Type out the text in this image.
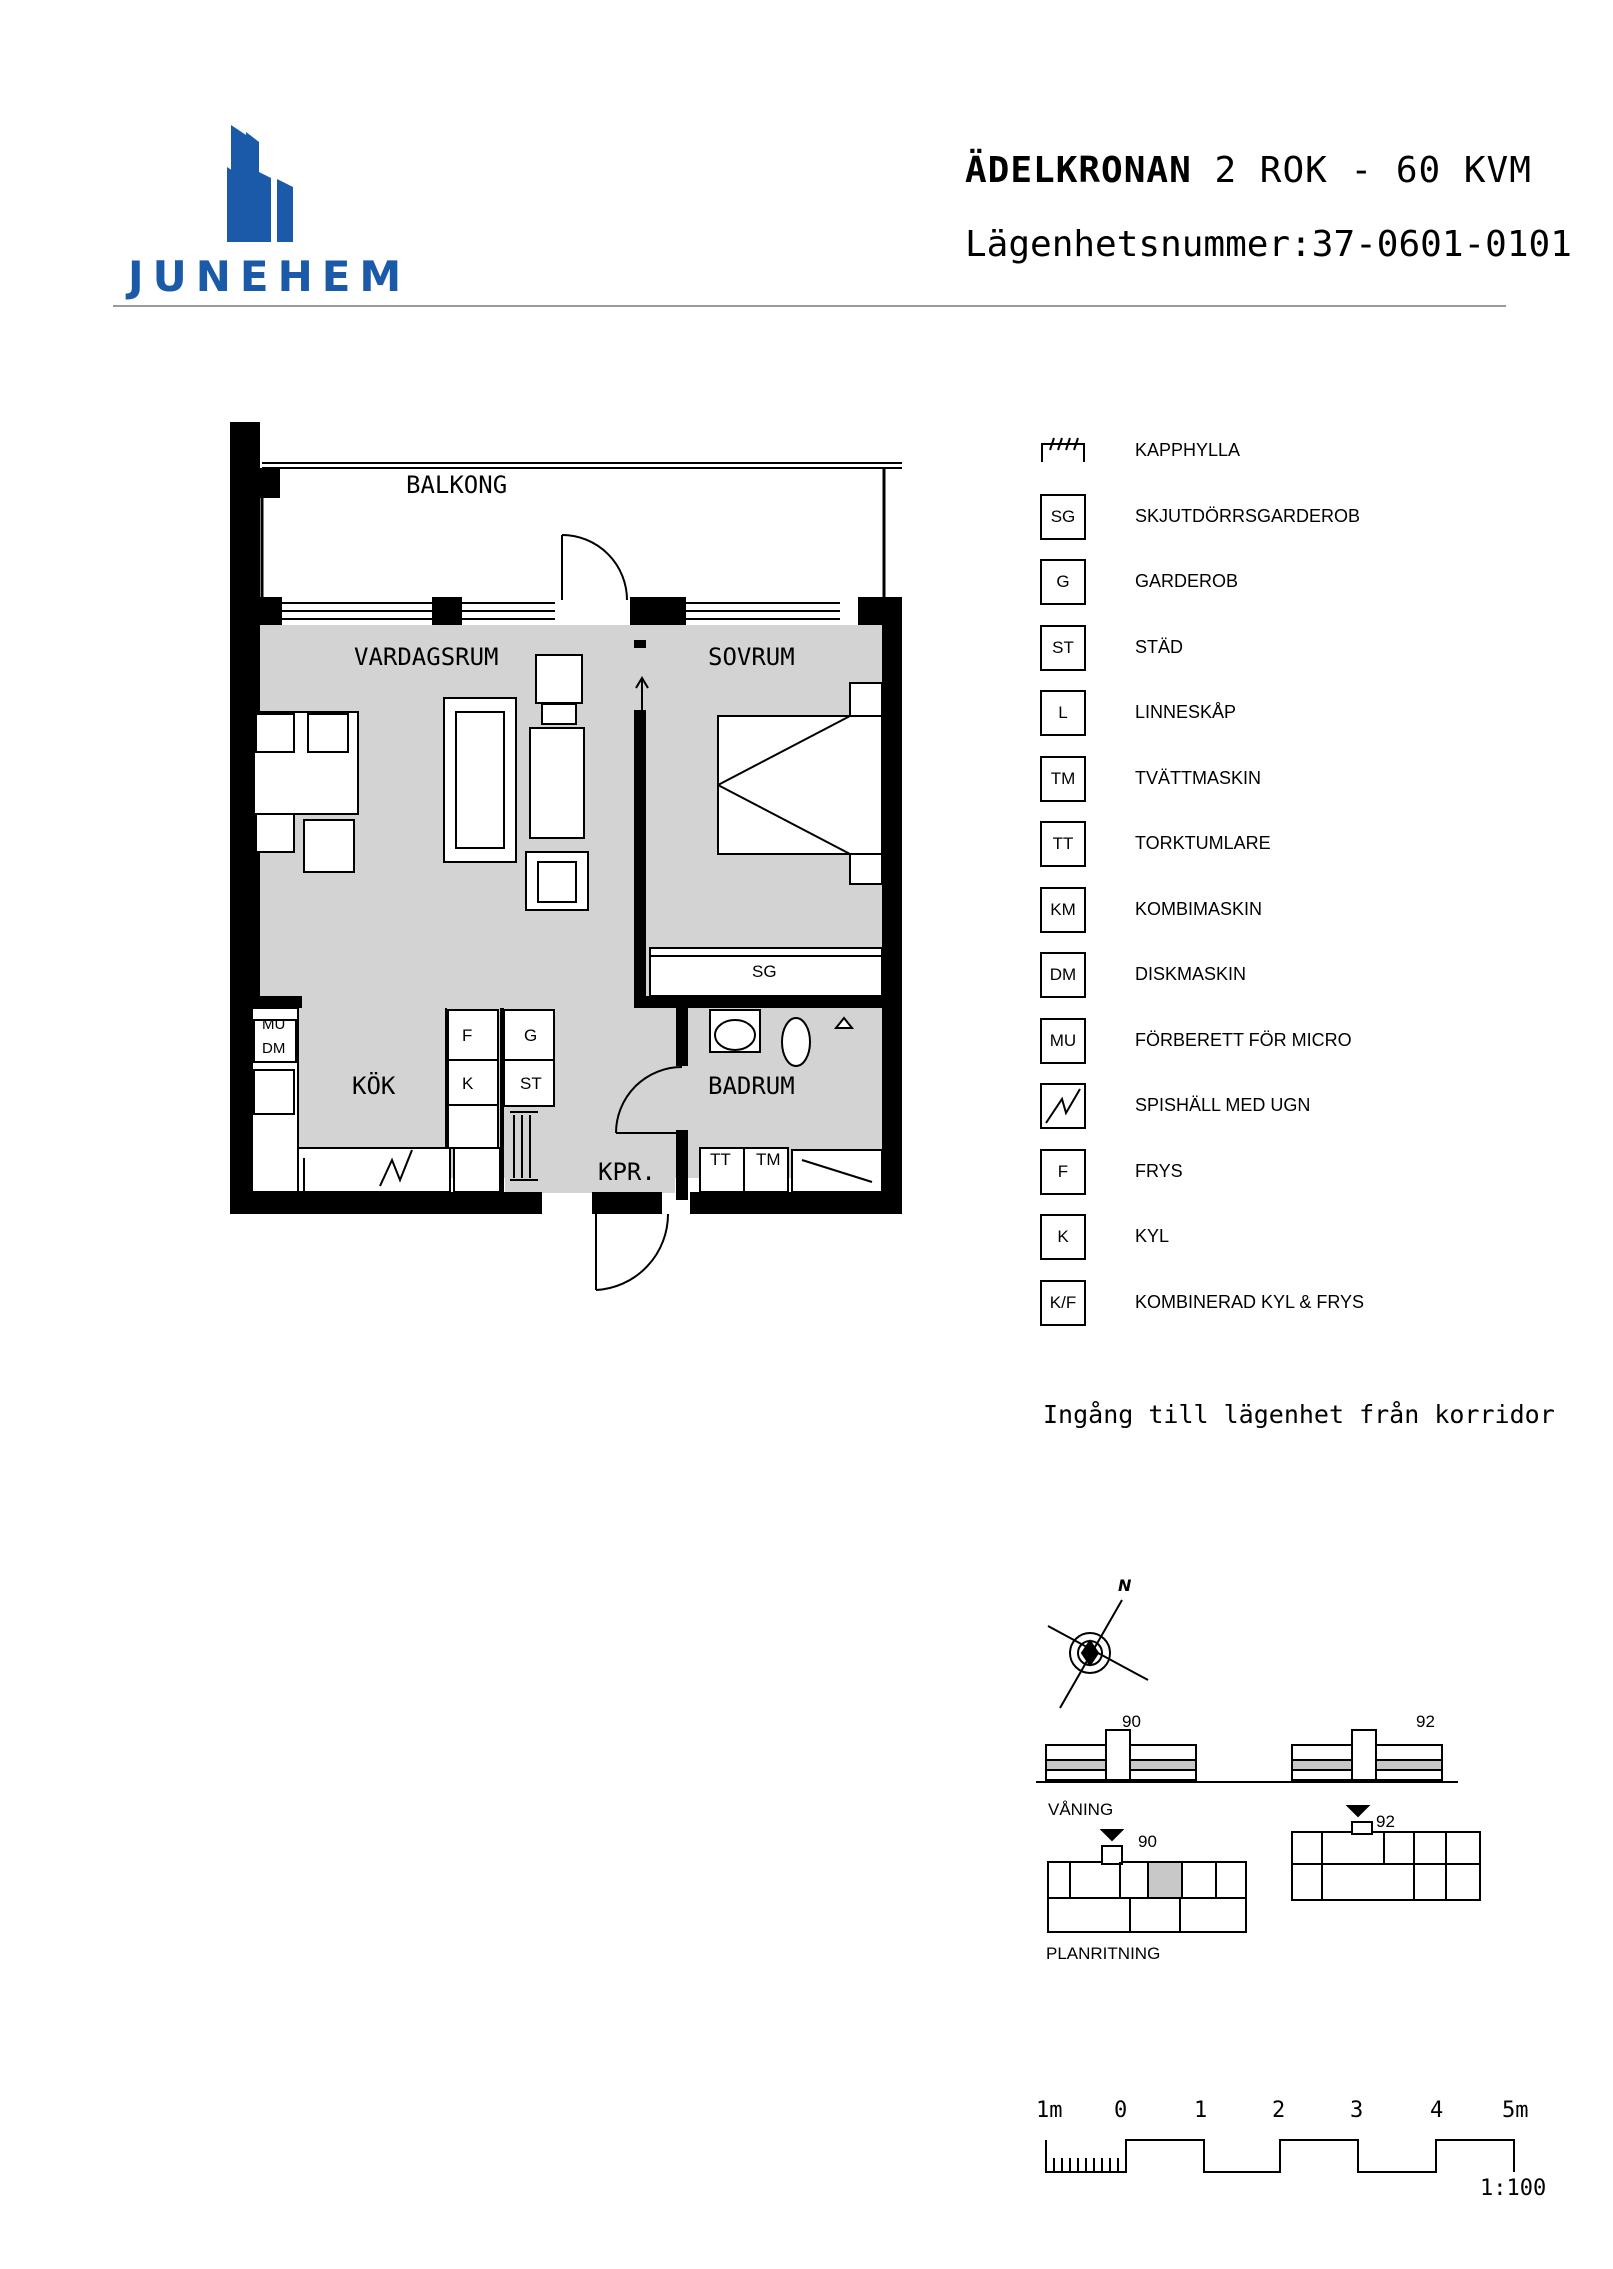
JUNEHEM
ÄDELKRONAN 2 ROK - 60 KVM
Lägenhetsnummer:37-0601-0101
BALKONG
VARDAGSRUM	SOVRUM
KÖK	BADRUM
KPR.
SG
MU
DM
F
K
G
ST
TT TM
KAPPHYLLA
SG	SKJUTDÖRRSGARDEROB
G	GARDEROB
ST	STÄD
L	LINNESKÅP
TM	TVÄTTMASKIN
TT	TORKTUMLARE
KM	KOMBIMASKIN
DM	DISKMASKIN
MU	FÖRBERETT FÖR MICRO
SPISHÄLL MED UGN
F	FRYS
K	KYL
K/F	KOMBINERAD KYL & FRYS
Ingång till lägenhet från korridor
N
90	92
VÅNING
90
92
PLANRITNING
1m 0	1	2	3	4	5m
1:100
